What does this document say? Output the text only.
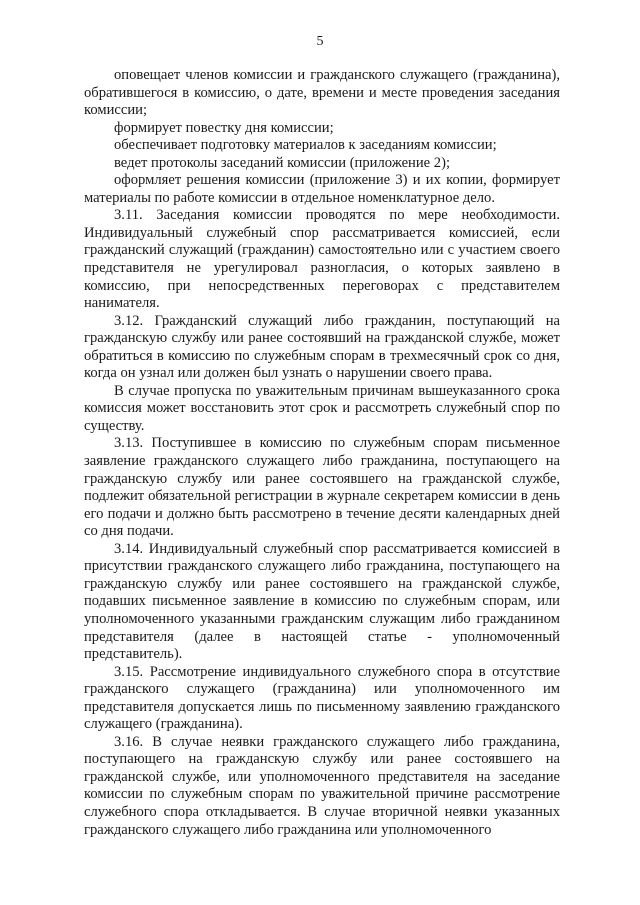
5

оповещает членов комиссии и гражданского служащего (гражданина), обратившегося в комиссию, о дате, времени и месте проведения заседания комиссии;

формирует повестку дня комиссии;

обеспечивает подготовку материалов к заседаниям комиссии;

ведет протоколы заседаний комиссии (приложение 2);

оформляет решения комиссии (приложение 3) и их копии, формирует материалы по работе комиссии в отдельное номенклатурное дело.

3.11. Заседания комиссии проводятся по мере необходимости. Индивидуальный служебный спор рассматривается комиссией, если гражданский служащий (гражданин) самостоятельно или с участием своего представителя не урегулировал разногласия, о которых заявлено в комиссию, при непосредственных переговорах с представителем нанимателя.

3.12. Гражданский служащий либо гражданин, поступающий на гражданскую службу или ранее состоявший на гражданской службе, может обратиться в комиссию по служебным спорам в трехмесячный срок со дня, когда он узнал или должен был узнать о нарушении своего права.

В случае пропуска по уважительным причинам вышеуказанного срока комиссия может восстановить этот срок и рассмотреть служебный спор по существу.

3.13. Поступившее в комиссию по служебным спорам письменное заявление гражданского служащего либо гражданина, поступающего на гражданскую службу или ранее состоявшего на гражданской службе, подлежит обязательной регистрации в журнале секретарем комиссии в день его подачи и должно быть рассмотрено в течение десяти календарных дней со дня подачи.

3.14. Индивидуальный служебный спор рассматривается комиссией в присутствии гражданского служащего либо гражданина, поступающего на гражданскую службу или ранее состоявшего на гражданской службе, подавших письменное заявление в комиссию по служебным спорам, или уполномоченного указанными гражданским служащим либо гражданином представителя (далее в настоящей статье - уполномоченный представитель).

3.15. Рассмотрение индивидуального служебного спора в отсутствие гражданского служащего (гражданина) или уполномоченного им представителя допускается лишь по письменному заявлению гражданского служащего (гражданина).

3.16. В случае неявки гражданского служащего либо гражданина, поступающего на гражданскую службу или ранее состоявшего на гражданской службе, или уполномоченного представителя на заседание комиссии по служебным спорам по уважительной причине рассмотрение служебного спора откладывается. В случае вторичной неявки указанных гражданского служащего либо гражданина или уполномоченного
